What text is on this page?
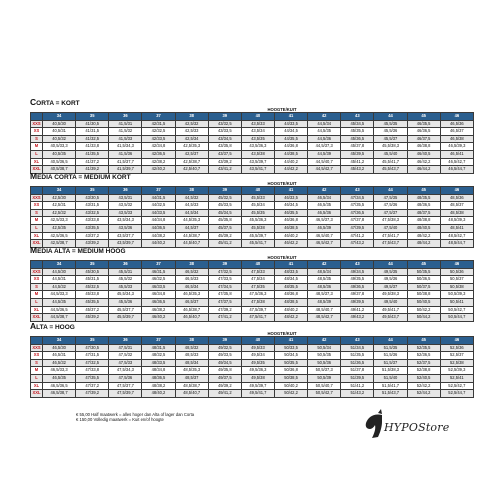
CORTA = KORT
HOOGTE/KUIT
	34	35	36	37	38	39	40	41	42	43	44	45	46
XXS	40,5/30	41/30,5	41,5/31	42/31,5	42,5/32	43/32,5	43,5/33	44/33,5	44,5/34	45/34,5	45,5/35	46/35,5	46,5/36
XS	40,5/31	41/31,5	41,5/32	42/32,5	42,5/33	43/33,5	43,5/34	44/34,5	44,5/35	45/35,5	45,5/36	46/36,5	46,5/37
S	40,5/32	41/32,5	41,5/33	42/33,5	42,5/34	43/34,5	43,5/35	44/35,5	44,5/36	45/36,5	45,5/37	46/37,5	46,5/38
M	40,5/33,3	41/33,8	41,5/34,3	42/34,8	42,5/35,3	43/35,8	43,5/36,3	44/36,8	44,5/37,3	45/37,8	45,5/38,3	46/38,8	46,5/39,3
L	40,5/35	41/35,5	41,5/36	42/36,5	42,5/37	43/37,5	43,5/38	44/38,5	44,5/39	45/39,5	45,5/40	46/40,5	46,5/41
XL	40,5/36,5	41/37,2	41,5/37,7	42/38,2	42,5/38,7	43/39,2	43,5/39,7	44/40,2	44,5/40,7	45/41,2	45,5/41,7	46/42,2	46,5/42,7
XXL	40,5/38,7	41/39,2	41,5/39,7	42/40,2	42,5/40,7	43/41,2	43,5/41,7	44/42,2	44,5/42,7	45/43,2	45,5/43,7	46/44,2	46,5/44,7
MEDIA CORTA = MEDIUM KORT
HOOGTE/KUIT
	34	35	36	37	38	39	40	41	42	43	44	45	46
XXS	42,5/30	43/30,5	43,5/31	44/31,5	44,5/32	45/32,5	45,5/33	46/33,5	46,5/34	47/34,5	47,5/35	48/35,5	48,5/36
XS	42,5/31	43/31,5	43,5/32	44/32,5	44,5/33	45/33,5	45,5/34	46/34,5	46,5/35	47/35,5	47,5/36	48/36,5	48,5/37
S	42,5/32	43/32,5	43,5/33	44/33,5	44,5/34	45/34,5	45,5/35	46/35,5	46,5/36	47/36,5	47,5/37	48/37,5	48,5/38
M	42,5/33,3	43/33,8	43,5/34,3	44/34,8	44,5/35,3	45/35,8	45,5/36,3	46/36,8	46,5/37,3	47/37,8	47,5/38,3	48/38,8	48,5/39,3
L	42,5/35	43/35,5	43,5/36	44/36,5	44,5/37	45/37,5	45,5/38	46/38,5	46,5/39	47/39,5	47,5/40	48/40,5	48,5/41
XL	42,5/36,5	43/37,2	43,5/37,7	44/38,2	44,5/38,7	45/39,2	45,5/39,7	46/40,2	46,5/40,7	47/41,2	47,5/41,7	48/42,2	48,5/42,7
XXL	42,5/38,7	43/39,2	43,5/39,7	44/40,2	44,5/40,7	45/41,2	45,5/41,7	46/42,2	46,5/42,7	47/43,2	47,5/43,7	48/44,2	48,5/44,7
MEDIA ALTA = MEDIUM HOOG
HOOGTE/KUIT
	34	35	36	37	38	39	40	41	42	43	44	45	46
XXS	44,5/30	45/30,5	45,5/31	46/31,5	46,5/32	47/32,5	47,5/33	48/33,5	48,5/34	49/34,5	49,5/35	50/35,5	50,5/36
XS	44,5/31	45/31,5	45,5/32	46/32,5	46,5/33	47/33,5	47,5/34	48/34,5	48,5/35	49/35,5	49,5/36	50/36,5	50,5/37
S	44,5/32	45/32,5	45,5/33	46/33,5	46,5/34	47/34,5	47,5/35	48/35,5	48,5/36	49/36,5	49,5/37	50/37,5	50,5/38
M	44,5/33,3	45/33,8	45,5/34,3	46/34,8	46,5/35,3	47/35,8	47,5/36,3	48/36,8	48,5/37,3	49/37,8	49,5/38,3	50/38,8	50,5/39,3
L	44,5/35	45/35,5	45,5/36	46/36,5	46,5/37	47/37,5	47,5/38	48/38,5	48,5/39	49/39,5	49,5/40	50/40,5	50,5/41
XL	44,5/36,5	45/37,2	45,5/37,7	46/38,2	46,5/38,7	47/39,2	47,5/39,7	48/40,2	48,5/40,7	49/41,2	49,5/41,7	50/42,2	50,5/42,7
XXL	44,5/38,7	45/39,2	45,5/39,7	46/40,2	46,5/40,7	47/41,2	47,5/41,7	48/42,2	48,5/42,7	49/43,2	49,5/43,7	50/44,2	50,5/44,7
ALTA = HOOG
HOOGTE/KUIT
	34	35	36	37	38	39	40	41	42	43	44	45	46
XXS	46,5/30	47/30,5	47,5/31	48/31,5	48,5/32	49/32,5	49,5/33	50/33,5	50,5/34	51/34,5	51,5/35	52/35,5	52,5/36
XS	46,5/31	47/31,5	47,5/32	48/32,5	48,5/33	49/33,5	49,5/34	50/34,5	50,5/35	51/35,5	51,5/36	52/36,5	52,5/37
S	46,5/32	47/32,5	47,5/33	48/33,5	48,5/34	49/34,5	49,5/35	50/35,5	50,5/36	51/36,5	51,5/37	52/37,5	52,5/38
M	46,5/33,3	47/33,8	47,5/34,3	48/34,8	48,5/35,3	49/35,8	49,5/36,3	50/36,8	50,5/37,3	51/37,8	51,5/38,3	52/38,8	52,5/39,3
L	46,5/35	47/35,5	47,5/36	48/36,5	48,5/37	49/37,5	49,5/38	50/38,5	50,5/39	51/39,5	51,5/40	52/40,5	52,5/41
XL	46,5/36,5	47/37,2	47,5/37,7	48/38,2	48,5/38,7	49/39,2	49,5/39,7	50/40,2	50,5/40,7	51/41,2	51,5/41,7	52/42,2	52,5/42,7
XXL	46,5/38,7	47/39,2	47,5/39,7	48/40,2	48,5/40,7	49/41,2	49,5/41,7	50/42,2	50,5/42,7	51/43,2	51,5/43,7	52/44,2	52,5/44,7
€ 55,00 Half maatwerk = alles hoger dan Alta of lager dan Corta
€ 150,00 Volledig maatwerk = Kuit en/of hoogte
HYPOStore
